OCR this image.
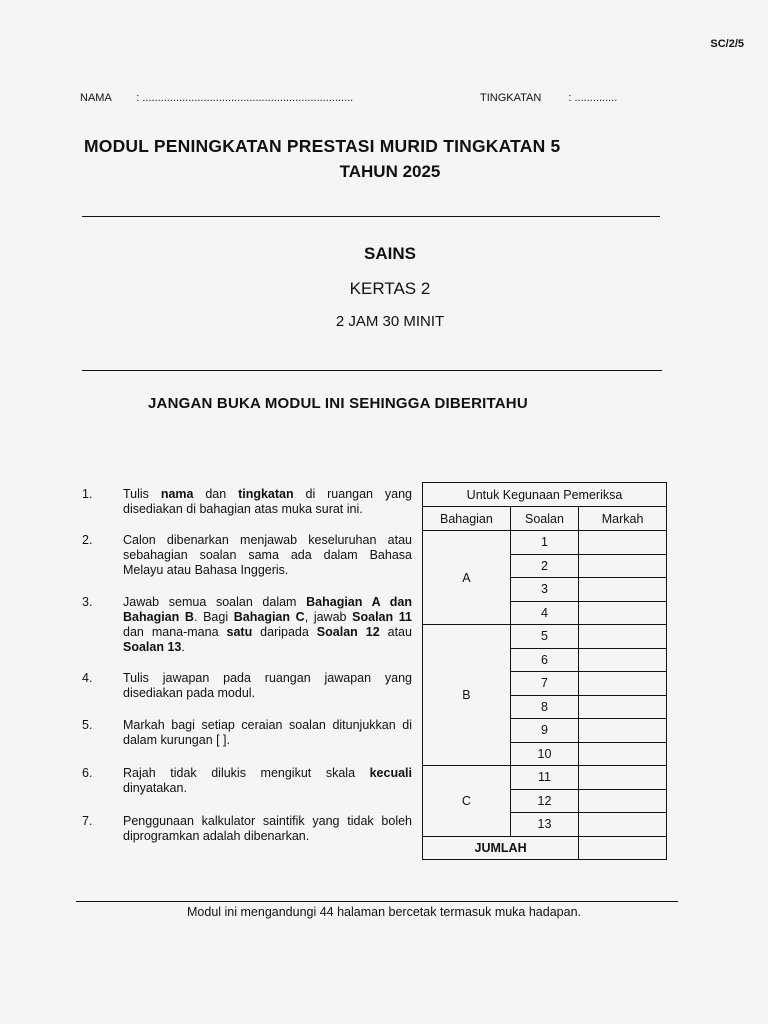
SC/2/5
NAMA : .....................................................................	TINGKATAN : ..............
MODUL PENINGKATAN PRESTASI MURID TINGKATAN 5
TAHUN 2025
SAINS
KERTAS 2
2 JAM 30 MINIT
JANGAN BUKA MODUL INI SEHINGGA DIBERITAHU
1.	Tulis nama dan tingkatan di ruangan yang disediakan di bahagian atas muka surat ini.
2.	Calon dibenarkan menjawab keseluruhan atau sebahagian soalan sama ada dalam Bahasa Melayu atau Bahasa Inggeris.
3.	Jawab semua soalan dalam Bahagian A dan Bahagian B. Bagi Bahagian C, jawab Soalan 11 dan mana-mana satu daripada Soalan 12 atau Soalan 13.
4.	Tulis jawapan pada ruangan jawapan yang disediakan pada modul.
5.	Markah bagi setiap ceraian soalan ditunjukkan di dalam kurungan [ ].
6.	Rajah tidak dilukis mengikut skala kecuali dinyatakan.
7.	Penggunaan kalkulator saintifik yang tidak boleh diprogramkan adalah dibenarkan.
Untuk Kegunaan Pemeriksa		
Bahagian	Soalan	Markah
A	1	
	2	
	3	
	4	
B	5	
	6	
	7	
	8	
	9	
	10	
C	11	
	12	
	13	
JUMLAH		
Modul ini mengandungi 44 halaman bercetak termasuk muka hadapan.
